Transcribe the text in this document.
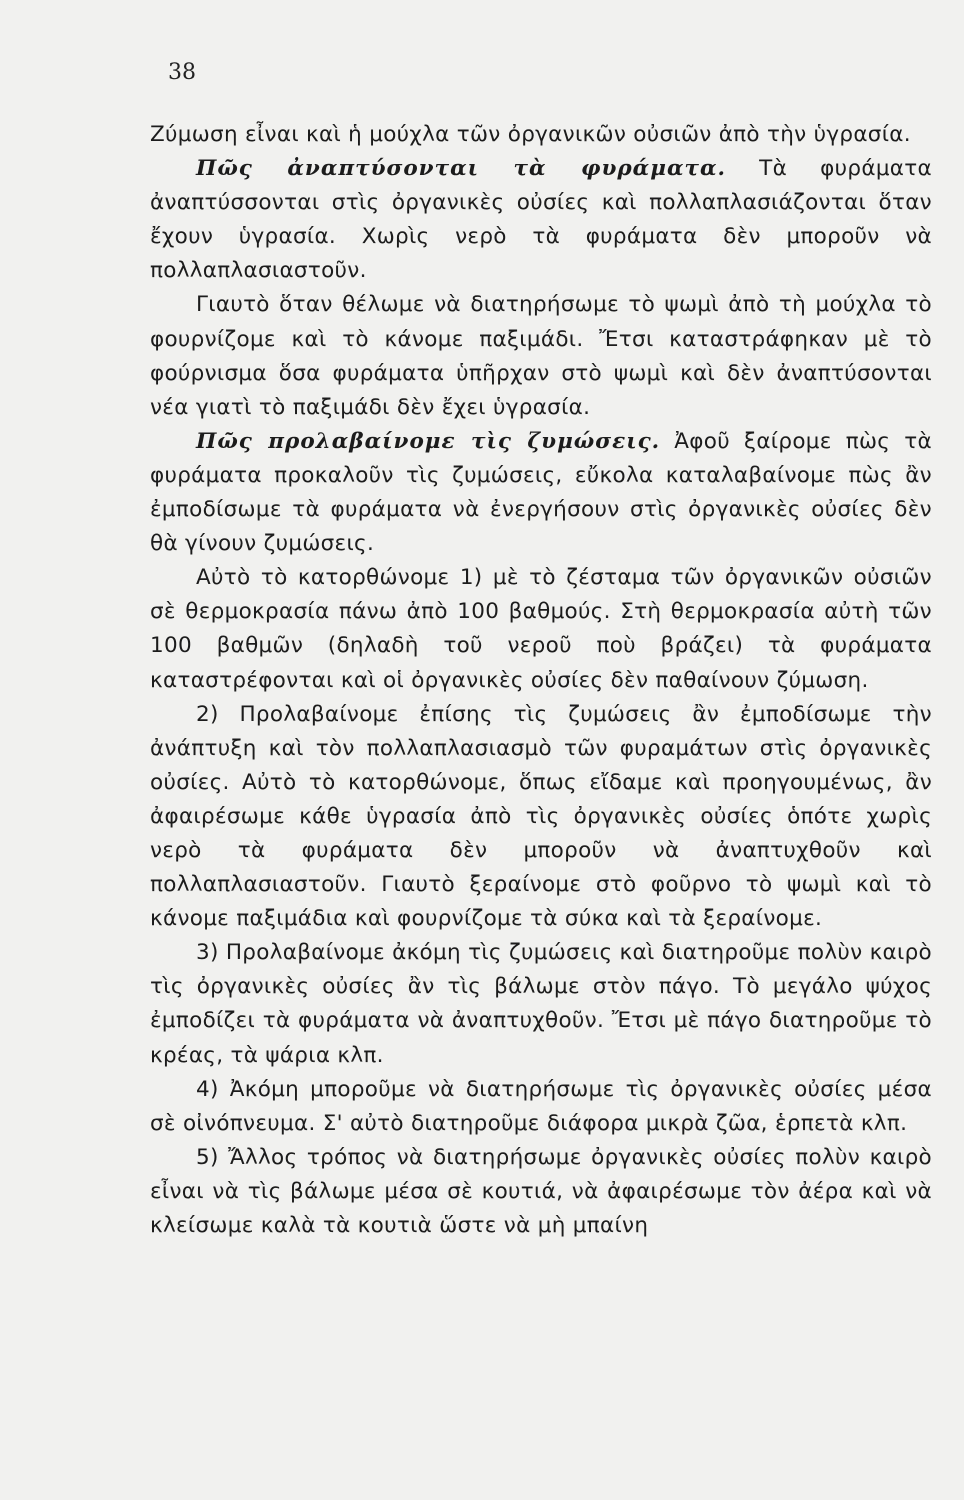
38

Ζύμωση εἶναι καὶ ἡ μούχλα τῶν ὀργανικῶν οὐσιῶν ἀπὸ τὴν ὑγρασία.

Πῶς ἀναπτύσονται τὰ φυράματα. Τὰ φυράματα ἀναπτύσσονται στὶς ὀργανικὲς οὐσίες καὶ πολλαπλασιάζονται ὅταν ἔχουν ὑγρασία. Χωρὶς νερὸ τὰ φυράματα δὲν μποροῦν νὰ πολλαπλασιαστοῦν.

Γιαυτὸ ὅταν θέλωμε νὰ διατηρήσωμε τὸ ψωμὶ ἀπὸ τὴ μούχλα τὸ φουρνίζομε καὶ τὸ κάνομε παξιμάδι. Ἔτσι καταστράφηκαν μὲ τὸ φούρνισμα ὅσα φυράματα ὑπῆρχαν στὸ ψωμὶ καὶ δὲν ἀναπτύσονται νέα γιατὶ τὸ παξιμάδι δὲν ἔχει ὑγρασία.

Πῶς προλαβαίνομε τὶς ζυμώσεις. Ἀφοῦ ξαίρομε πὼς τὰ φυράματα προκαλοῦν τὶς ζυμώσεις, εὔκολα καταλαβαίνομε πὼς ἂν ἐμποδίσωμε τὰ φυράματα νὰ ἐνεργήσουν στὶς ὀργανικὲς οὐσίες δὲν θὰ γίνουν ζυμώσεις.

Αὐτὸ τὸ κατορθώνομε 1) μὲ τὸ ζέσταμα τῶν ὀργανικῶν οὐσιῶν σὲ θερμοκρασία πάνω ἀπὸ 100 βαθμούς. Στὴ θερμοκρασία αὐτὴ τῶν 100 βαθμῶν (δηλαδὴ τοῦ νεροῦ ποὺ βράζει) τὰ φυράματα καταστρέφονται καὶ οἱ ὀργανικὲς οὐσίες δὲν παθαίνουν ζύμωση.

2) Προλαβαίνομε ἐπίσης τὶς ζυμώσεις ἂν ἐμποδίσωμε τὴν ἀνάπτυξη καὶ τὸν πολλαπλασιασμὸ τῶν φυραμάτων στὶς ὀργανικὲς οὐσίες. Αὐτὸ τὸ κατορθώνομε, ὅπως εἴδαμε καὶ προηγουμένως, ἂν ἀφαιρέσωμε κάθε ὑγρασία ἀπὸ τὶς ὀργανικὲς οὐσίες ὁπότε χωρὶς νερὸ τὰ φυράματα δὲν μποροῦν νὰ ἀναπτυχθοῦν καὶ πολλαπλασιαστοῦν. Γιαυτὸ ξεραίνομε στὸ φοῦρνο τὸ ψωμὶ καὶ τὸ κάνομε παξιμάδια καὶ φουρνίζομε τὰ σύκα καὶ τὰ ξεραίνομε.

3) Προλαβαίνομε ἀκόμη τὶς ζυμώσεις καὶ διατηροῦμε πολὺν καιρὸ τὶς ὀργανικὲς οὐσίες ἂν τὶς βάλωμε στὸν πάγο. Τὸ μεγάλο ψύχος ἐμποδίζει τὰ φυράματα νὰ ἀναπτυχθοῦν. Ἔτσι μὲ πάγο διατηροῦμε τὸ κρέας, τὰ ψάρια κλπ.

4) Ἀκόμη μποροῦμε νὰ διατηρήσωμε τὶς ὀργανικὲς οὐσίες μέσα σὲ οἰνόπνευμα. Σ' αὐτὸ διατηροῦμε διάφορα μικρὰ ζῶα, ἑρπετὰ κλπ.

5) Ἄλλος τρόπος νὰ διατηρήσωμε ὀργανικὲς οὐσίες πολὺν καιρὸ εἶναι νὰ τὶς βάλωμε μέσα σὲ κουτιά, νὰ ἀφαιρέσωμε τὸν ἀέρα καὶ νὰ κλείσωμε καλὰ τὰ κουτιὰ ὥστε νὰ μὴ μπαίνη
